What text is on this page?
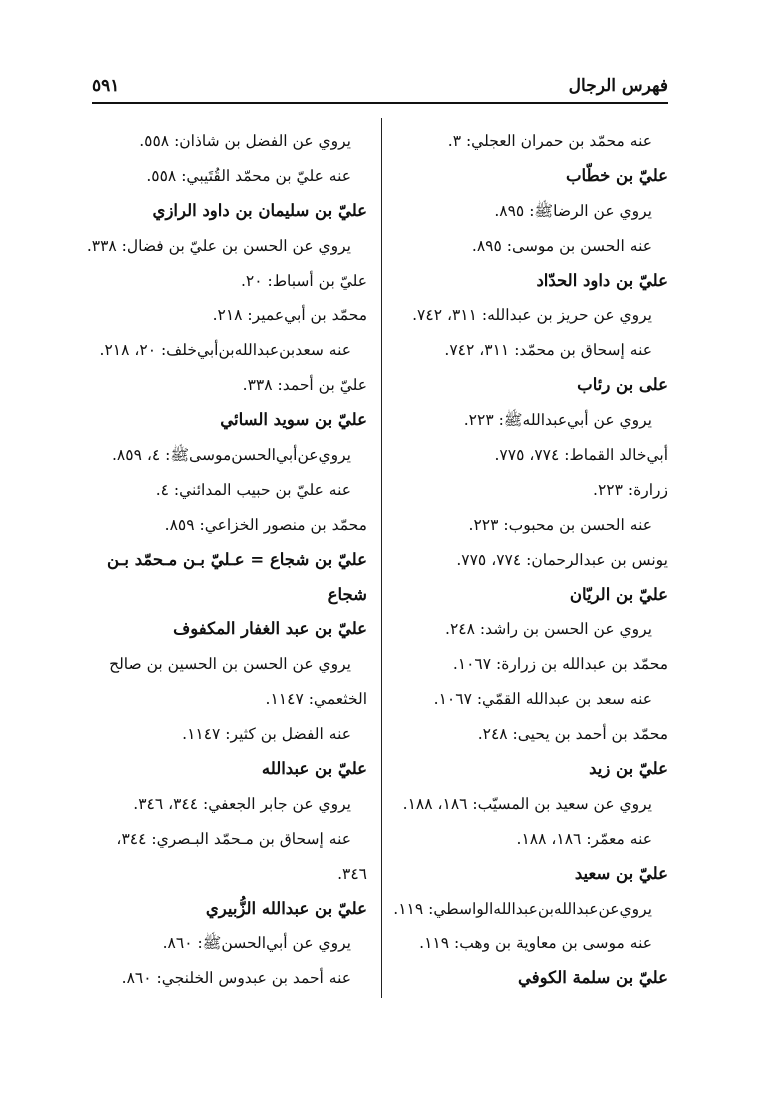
٥٩١	فهرس الرجال
عنه محمّد بن حمران العجلي: ٣.
عليّ بن خطّاب
يروي عن الرضاﷺ: ٨٩٥.
عنه الحسن بن موسى: ٨٩٥.
عليّ بن داود الحدّاد
يروي عن حريز بن عبدالله: ٣١١، ٧٤٢.
عنه إسحاق بن محمّد: ٣١١، ٧٤٢.
على بن رئاب
يروي عن أبي‌عبداللهﷺ: ٢٢٣.
أبي‌خالد القماط: ٧٧٤، ٧٧٥.
زرارة: ٢٢٣.
عنه الحسن بن محبوب: ٢٢٣.
يونس بن عبدالرحمان: ٧٧٤، ٧٧٥.
عليّ بن الريّان
يروي عن الحسن بن راشد: ٢٤٨.
محمّد بن عبدالله بن زرارة: ١٠٦٧.
عنه سعد بن عبدالله القمّي: ١٠٦٧.
محمّد بن أحمد بن يحيى: ٢٤٨.
عليّ بن زيد
يروي عن سعيد بن المسيّب: ١٨٦، ١٨٨.
عنه معمّر: ١٨٦، ١٨٨.
عليّ بن سعيد
يروي‌عن‌عبدالله‌بن‌عبدالله‌الواسطي: ١١٩.
عنه موسى بن معاوية بن وهب: ١١٩.
عليّ بن سلمة الكوفي
يروي عن الفضل بن شاذان: ٥٥٨.
عنه عليّ بن محمّد القُتَيبي: ٥٥٨.
عليّ بن سليمان بن داود الرازي
يروي عن الحسن بن عليّ بن فضال: ٣٣٨.
عليّ بن أسباط: ٢٠.
محمّد بن أبي‌عمير: ٢١٨.
عنه سعدبن‌عبدالله‌بن‌أبي‌خلف: ٢٠، ٢١٨.
عليّ بن أحمد: ٣٣٨.
عليّ بن سويد السائي
يروي‌عن‌أبي‌الحسن‌موسىﷺ: ٤، ٨٥٩.
عنه عليّ بن حبيب المدائني: ٤.
محمّد بن منصور الخزاعي: ٨٥٩.
عليّ بن شجاع = عـليّ بـن مـحمّد بـن
شجاع
عليّ بن عبد الغفار المكفوف
يروي عن الحسن بن الحسين بن صالح
الخثعمي: ١١٤٧.
عنه الفضل بن كثير: ١١٤٧.
عليّ بن عبدالله
يروي عن جابر الجعفي: ٣٤٤، ٣٤٦.
عنه إسحاق بن مـحمّد البـصري: ٣٤٤،
٣٤٦.
عليّ بن عبدالله الزُّبيري
يروي عن أبي‌الحسنﷺ: ٨٦٠.
عنه أحمد بن عبدوس الخلنجي: ٨٦٠.
